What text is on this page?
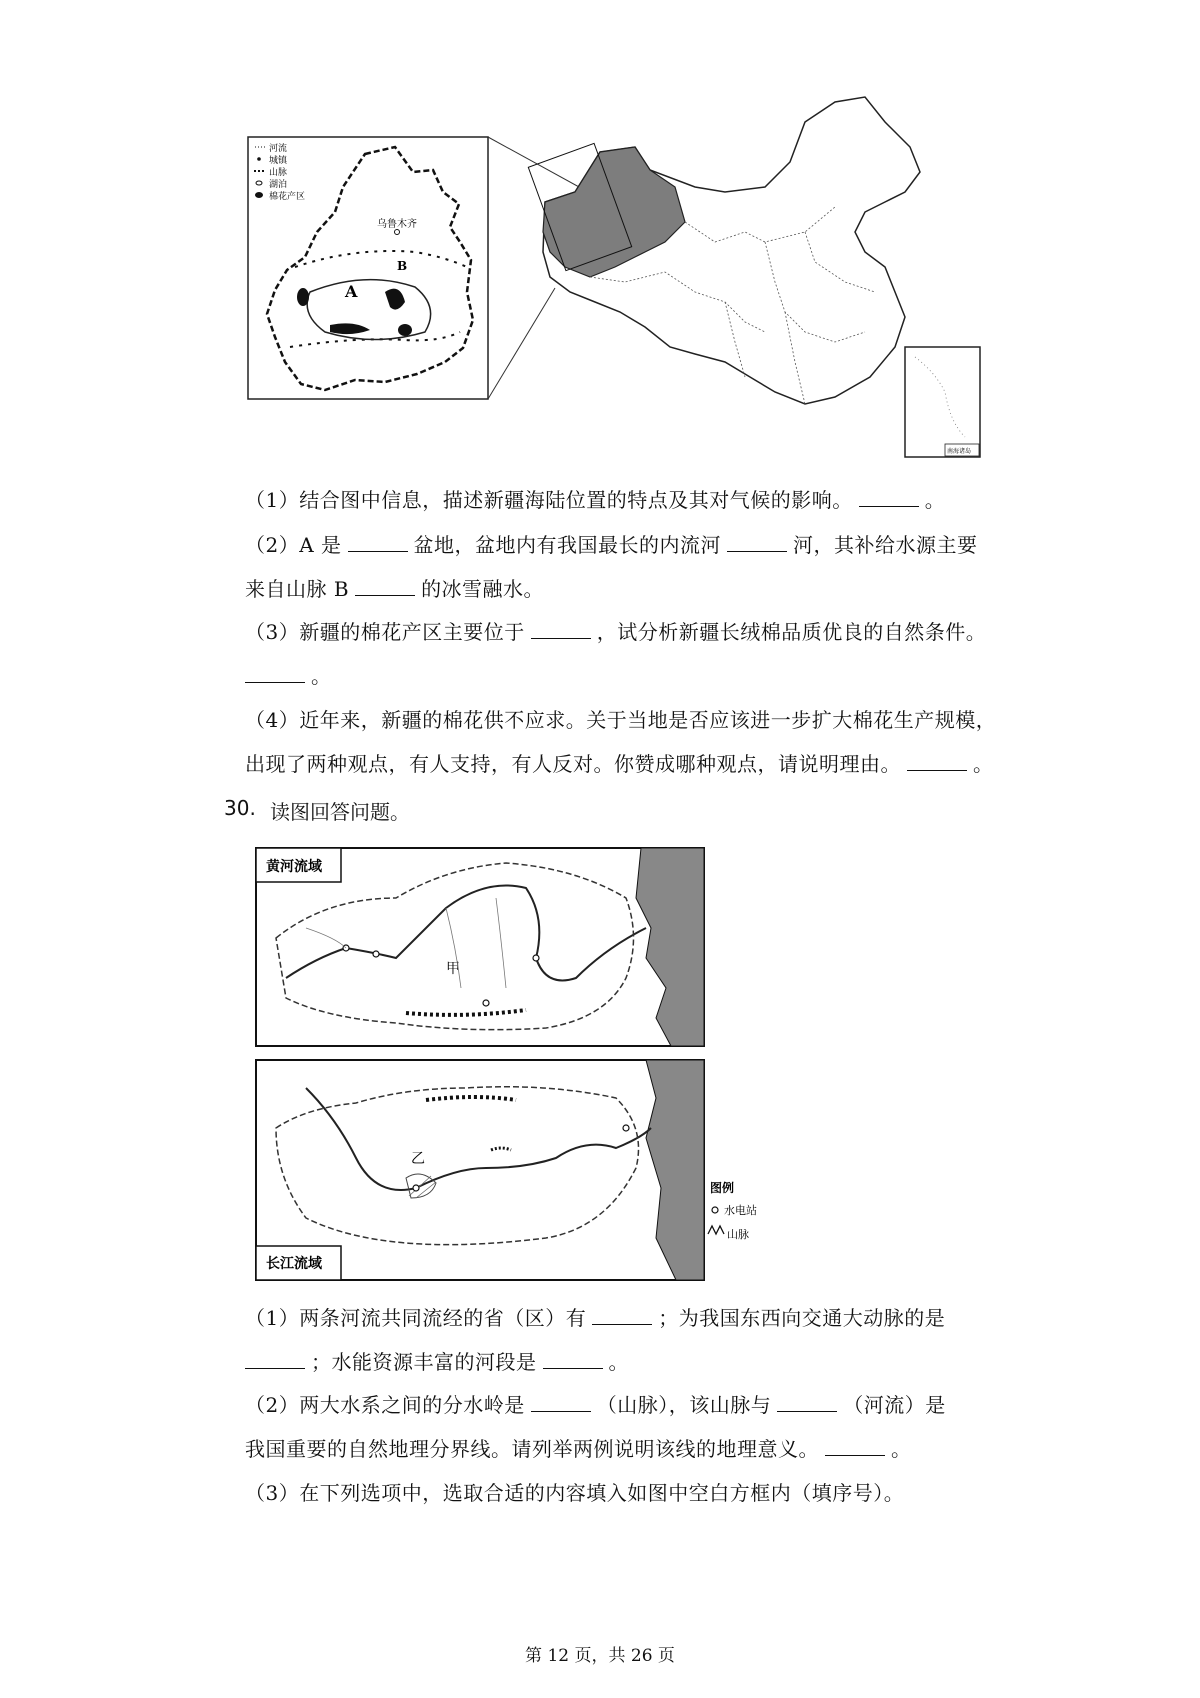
河流
城镇
山脉
湖泊
棉花产区
乌鲁木齐
A
B
南海诸岛
（1）结合图中信息，描述新疆海陆位置的特点及其对气候的影响。	。
（2）A 是	盆地，盆地内有我国最长的内流河	河，其补给水源主要
来自山脉 B	的冰雪融水。
（3）新疆的棉花产区主要位于	，试分析新疆长绒棉品质优良的自然条件。
。
（4）近年来，新疆的棉花供不应求。关于当地是否应该进一步扩大棉花生产规模，
出现了两种观点，有人支持，有人反对。你赞成哪种观点，请说明理由。	。
30. 读图回答问题。
黄河流域
甲
乙
长江流域
图例
水电站
山脉
（1）两条河流共同流经的省（区）有	；为我国东西向交通大动脉的是
；水能资源丰富的河段是	。
（2）两大水系之间的分水岭是	（山脉），该山脉与	（河流）是
我国重要的自然地理分界线。请列举两例说明该线的地理意义。	。
（3）在下列选项中，选取合适的内容填入如图中空白方框内（填序号）。
第 12 页，共 26 页
